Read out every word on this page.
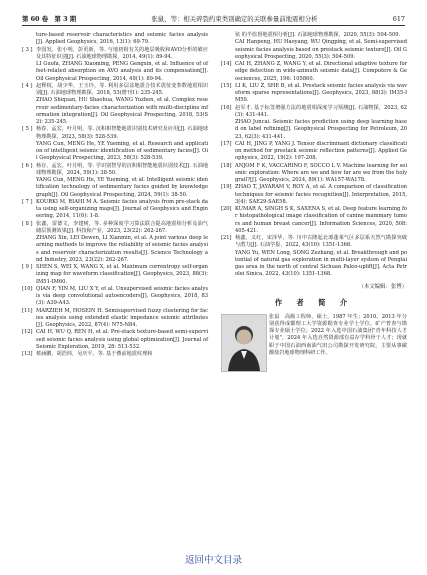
第 60 卷　第 3 期	张鼠，等：相关碎裂约束类别确定的关联参量前地震相分析	617

ture-based reservoir characteristics and seismic facies analysis[J]. Applied Geophysics, 2016, 13(1): 69-79.

[ 3 ] 李国发，张小明，彭更新，等. 与地初相有关的地层吸收和AVO分析的敏应及其特征识别[J]. 石油地球物理勘探，2014, 49(1): 89-94.

LI Guofa, ZHANG Xiaoming, PENG Gengxin, et al. Influence of offset-related absorption on AVO analysis and its compensation[J]. Oil Geophysical Prospecting, 2014, 49(1): 89-94.

[ 4 ] 赵释权，胡少华，王玉玲，等. 利用多层盆地震合技术震征变参数地震相识别[J]. 石油地球物理勘探，2018, 53(增刊1): 235-245.

ZHAO Shiquan, HU Shaohua, WANG Yuzhen, et al. Complex reservoir sedimentary-facies characterization with multi-discipline information integration[J]. Oil Geophysical Prospecting, 2018, 53(S2): 235-245.

[ 5 ] 杨春，孟宏，叶月明，等. 沉积相智能地震识别技术研究及应用[J]. 石油地球物理勘探，2023, 58(3): 528-539.

YANG Cun, MENG He, YE Yueming, et al. Research and application of intelligent seismic identification of sedimentary facies[J]. Oil Geophysical Prospecting, 2023, 58(3): 528-539.

[ 6 ] 杨存，孟宏，叶月明，等. 学识别智导的沉积相智能地震识别技术[J]. 石油地球物理勘探，2024, 59(1): 38-50.

YANG Cun, MENG He, YE Yueming, et al. Intelligent seismic identification technology of sedimentary facies guided by knowledge graph[J]. Oil Geophysical Prospecting, 2024, 59(1): 38-50.

[ 7 ] KOURKI M, RIAHI M A. Seismic facies analysis from pre-stack data using self-organizing maps[J]. Journal of Geophysics and Engineering, 2014, 11(6): 1-8.

[ 8 ] 张鑫，雷德文，李建树，等. 多种深度学习算法联合提高地震相分析及油气储层预测效果[J]. 科技和产业，2023, 23(22): 262-267.

ZHANG Xin, LEI Dewen, LI Xianmin, et al. A joint various deep learning methods to improve the reliability of seismic facies analysis and reservoir characterization results[J]. Science Technology and Industry, 2023, 23(22): 262-267.

[ 9 ] SHEN S, WEI X, WANG X, et al. Maximum correntropy self-organizing map for waveform classification[J]. Geophysics, 2023, 88(3): IM51-IM60.

[10] QIAN F, YIN M, LIU X Y, et al. Unsupervised seismic facies analysis via deep convolutional autoencoders[J]. Geophysics, 2018, 83(3): A39-A43.

[11] MARZIEH M, HOSEIN H. Semisupervised fuzzy clustering for facies analysis using extended elastic impedance seismic attributes[J]. Geophysics, 2022, 87(4): N75-N84.

[12] CAI H, WU Q, REN H, et al. Pre-stack texture-based semi-supervised seismic facies analysis using global optimization[J]. Journal of Seismic Exploration, 2019, 28: 513-532.

[13] 蔡涵鹏，胡浩炜，吴庆平，等. 基于叠前地震纹理和

弦 的半监督地震相分析[J]. 石油地球物理勘探，2020, 55(3): 504-509.

CAI Hanpeng, HU Haoyang, WU Qingping, et al. Semi-supervised seismic facies analysis based on prestack seismic texture[J]. Oil Geophysical Prospecting, 2020, 55(3): 504-509.

[14] CAI H, ZHANG Z, WANG Y, et al. Directional adaptive texture for edge detection in wide-azimuth seismic data[J]. Computers & Geosciences, 2025, 196: 105860.

[15] LI K, LIU Z, SHE B, et al. Prestack seismic facies analysis via waveform sparse representations[J]. Geophysics, 2023, 88(3): IM35-IM50.

[16] 赵军才. 基于标签增强方法的地震相深度学习预测[J]. 石油物探，2023, 62(3): 431-441.

ZHAO Juncai. Seismic facies prediction using deep learning based on label refining[J]. Geophysical Prospecting for Petroleum, 2023, 62(3): 431-441.

[17] CAI H, JING P, YANG J. Tensor discriminant dictionary classification method for prestack seismic reflection patterns[J]. Applied Geophysics, 2022, 19(2): 197-208.

[18] ANJOM F K, VACCARINO F, SOCCO L V. Machine learning for seismic exploration: Where are we and how far are we from the holy grail?[J]. Geophysics, 2024, 89(1): WA157-WA178.

[19] ZHAO T, JAYARAM V, ROY A, et al. A comparison of classification techniques for seismic facies recognition[J]. Interpretation, 2015, 3(4): SAE29-SAE58.

[20] KUMAR A, SINGH S K, SAXENA S, et al. Deep feature learning for histopathological image classification of canine mammary tumors and human breast cancer[J]. Information Sciences, 2020, 508: 405-421.

[21] 杨鑫，义红，宋泽华，等. 川中古隆起北部蓬莱气区多层系天然气勘探突破与潜力[J]. 石油学报，2022, 43(10): 1351-1368.

YANG Yu, WEN Long, SONG Zezhang, et al. Breakthrough and potential of natural gas exploration in multi-layer system of Penglai gas area in the north of central Sichuan Paleo-uplift[J]. Acta Petrolei Sinica, 2022, 43(10): 1351-1368.

（本文编辑：张博）
作 者 简 介

张鼠　高级工程师，硕士，1987 年生；2010、2013 年分别获得成都理工大学资源勘查专业学士学位、矿产普查与勘探专业硕士学位；2022 年入选中国石油集团"青年科技人才计划"，2024 年入选自然资源部有益存学科骨干人才；现就职于中国石油西南油气田公司勘探开发研究院，主要从事碳酸盐岩地球物理科研工作。

返回中文目录
